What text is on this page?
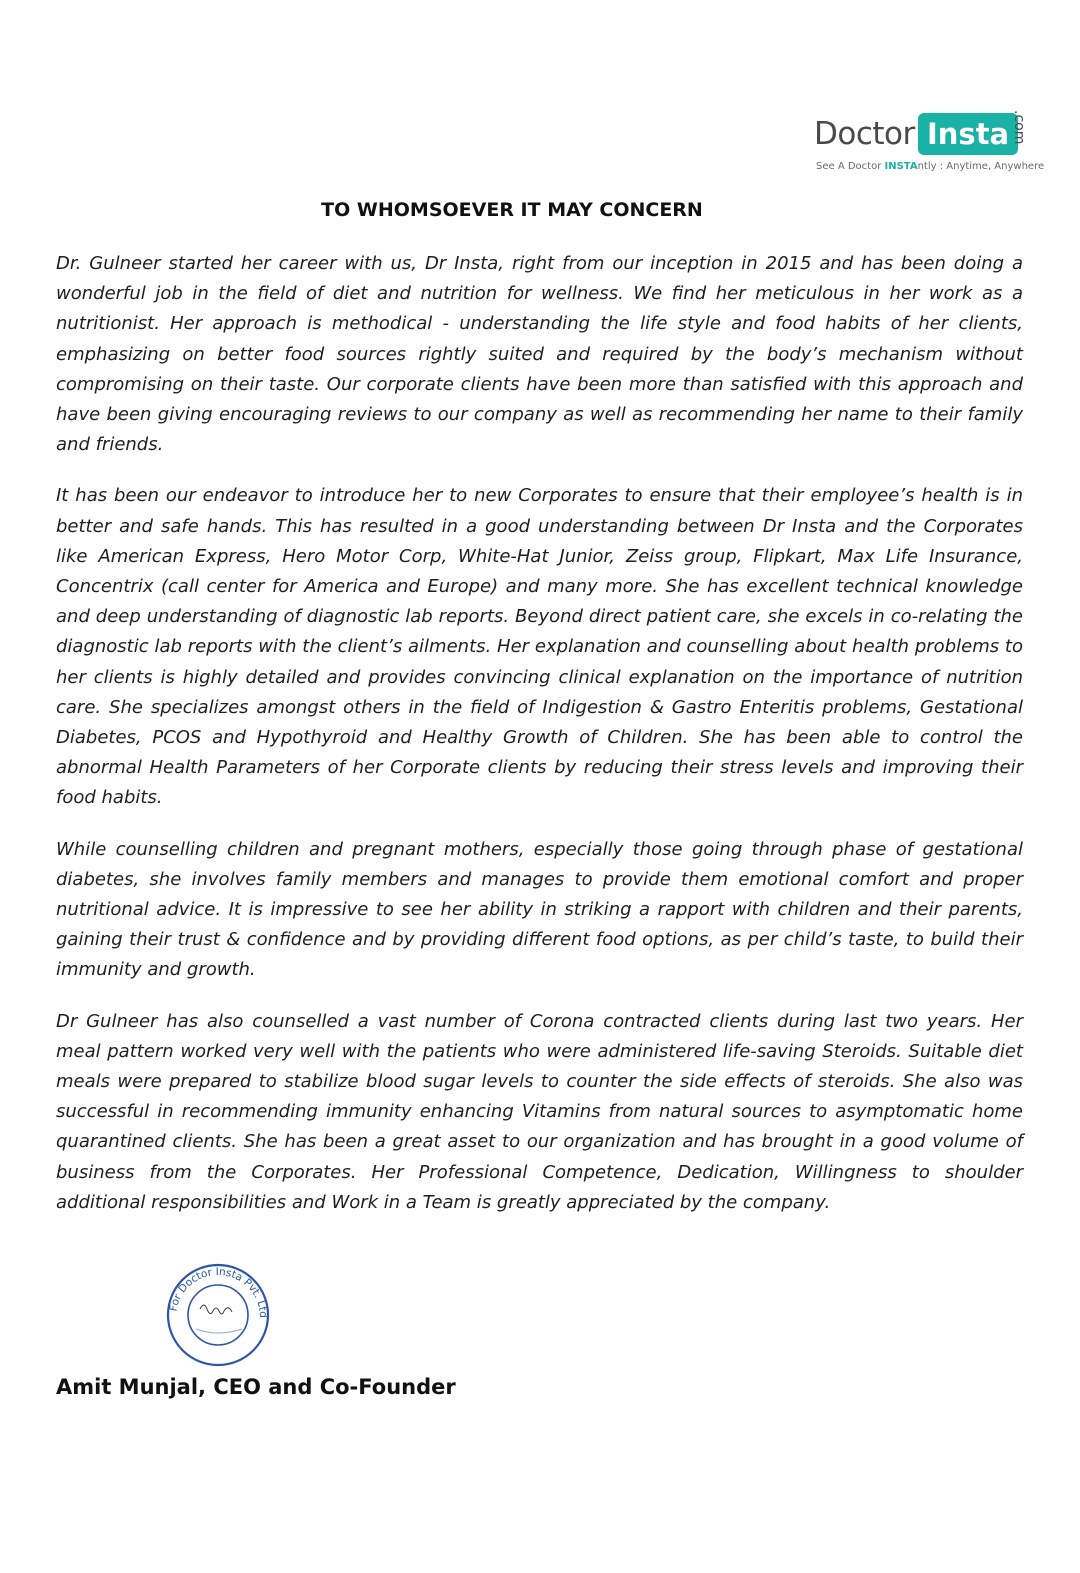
Doctor Insta .com
See A Doctor INSTAntly : Anytime, Anywhere
TO WHOMSOEVER IT MAY CONCERN

Dr. Gulneer started her career with us, Dr Insta, right from our inception in 2015 and has been doing a wonderful job in the field of diet and nutrition for wellness. We find her meticulous in her work as a nutritionist. Her approach is methodical - understanding the life style and food habits of her clients, emphasizing on better food sources rightly suited and required by the body’s mechanism without compromising on their taste. Our corporate clients have been more than satisfied with this approach and have been giving encouraging reviews to our company as well as recommending her name to their family and friends.

It has been our endeavor to introduce her to new Corporates to ensure that their employee’s health is in better and safe hands. This has resulted in a good understanding between Dr Insta and the Corporates like American Express, Hero Motor Corp, White-Hat Junior, Zeiss group, Flipkart, Max Life Insurance, Concentrix (call center for America and Europe) and many more. She has excellent technical knowledge and deep understanding of diagnostic lab reports. Beyond direct patient care, she excels in co-relating the diagnostic lab reports with the client’s ailments. Her explanation and counselling about health problems to her clients is highly detailed and provides convincing clinical explanation on the importance of nutrition care. She specializes amongst others in the field of Indigestion & Gastro Enteritis problems, Gestational Diabetes, PCOS and Hypothyroid and Healthy Growth of Children. She has been able to control the abnormal Health Parameters of her Corporate clients by reducing their stress levels and improving their food habits.

While counselling children and pregnant mothers, especially those going through phase of gestational diabetes, she involves family members and manages to provide them emotional comfort and proper nutritional advice. It is impressive to see her ability in striking a rapport with children and their parents, gaining their trust & confidence and by providing different food options, as per child’s taste, to build their immunity and growth.

Dr Gulneer has also counselled a vast number of Corona contracted clients during last two years. Her meal pattern worked very well with the patients who were administered life-saving Steroids. Suitable diet meals were prepared to stabilize blood sugar levels to counter the side effects of steroids. She also was successful in recommending immunity enhancing Vitamins from natural sources to asymptomatic home quarantined clients. She has been a great asset to our organization and has brought in a good volume of business from the Corporates. Her Professional Competence, Dedication, Willingness to shoulder additional responsibilities and Work in a Team is greatly appreciated by the company.

For Doctor Insta Pvt. Ltd
Amit Munjal, CEO and Co-Founder
